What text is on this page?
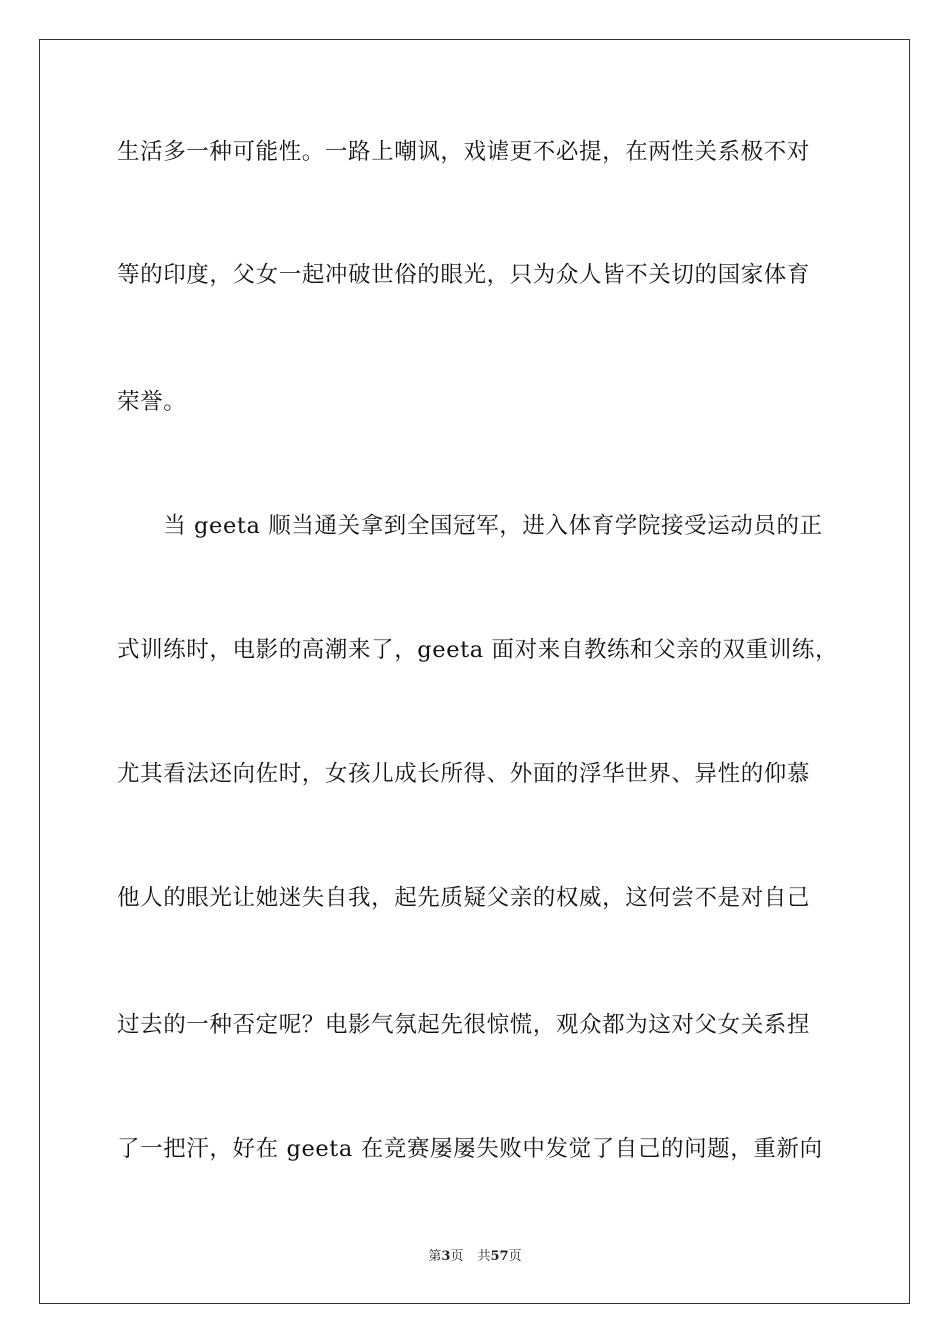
生活多一种可能性。一路上嘲讽，戏谑更不必提，在两性关系极不对
等的印度，父女一起冲破世俗的眼光，只为众人皆不关切的国家体育
荣誉。
　　当 geeta 顺当通关拿到全国冠军，进入体育学院接受运动员的正
式训练时，电影的高潮来了，geeta 面对来自教练和父亲的双重训练，
尤其看法还向佐时，女孩儿成长所得、外面的浮华世界、异性的仰慕
他人的眼光让她迷失自我，起先质疑父亲的权威，这何尝不是对自己
过去的一种否定呢？电影气氛起先很惊慌，观众都为这对父女关系捏
了一把汗，好在 geeta 在竞赛屡屡失败中发觉了自己的问题，重新向
第3页 共57页
